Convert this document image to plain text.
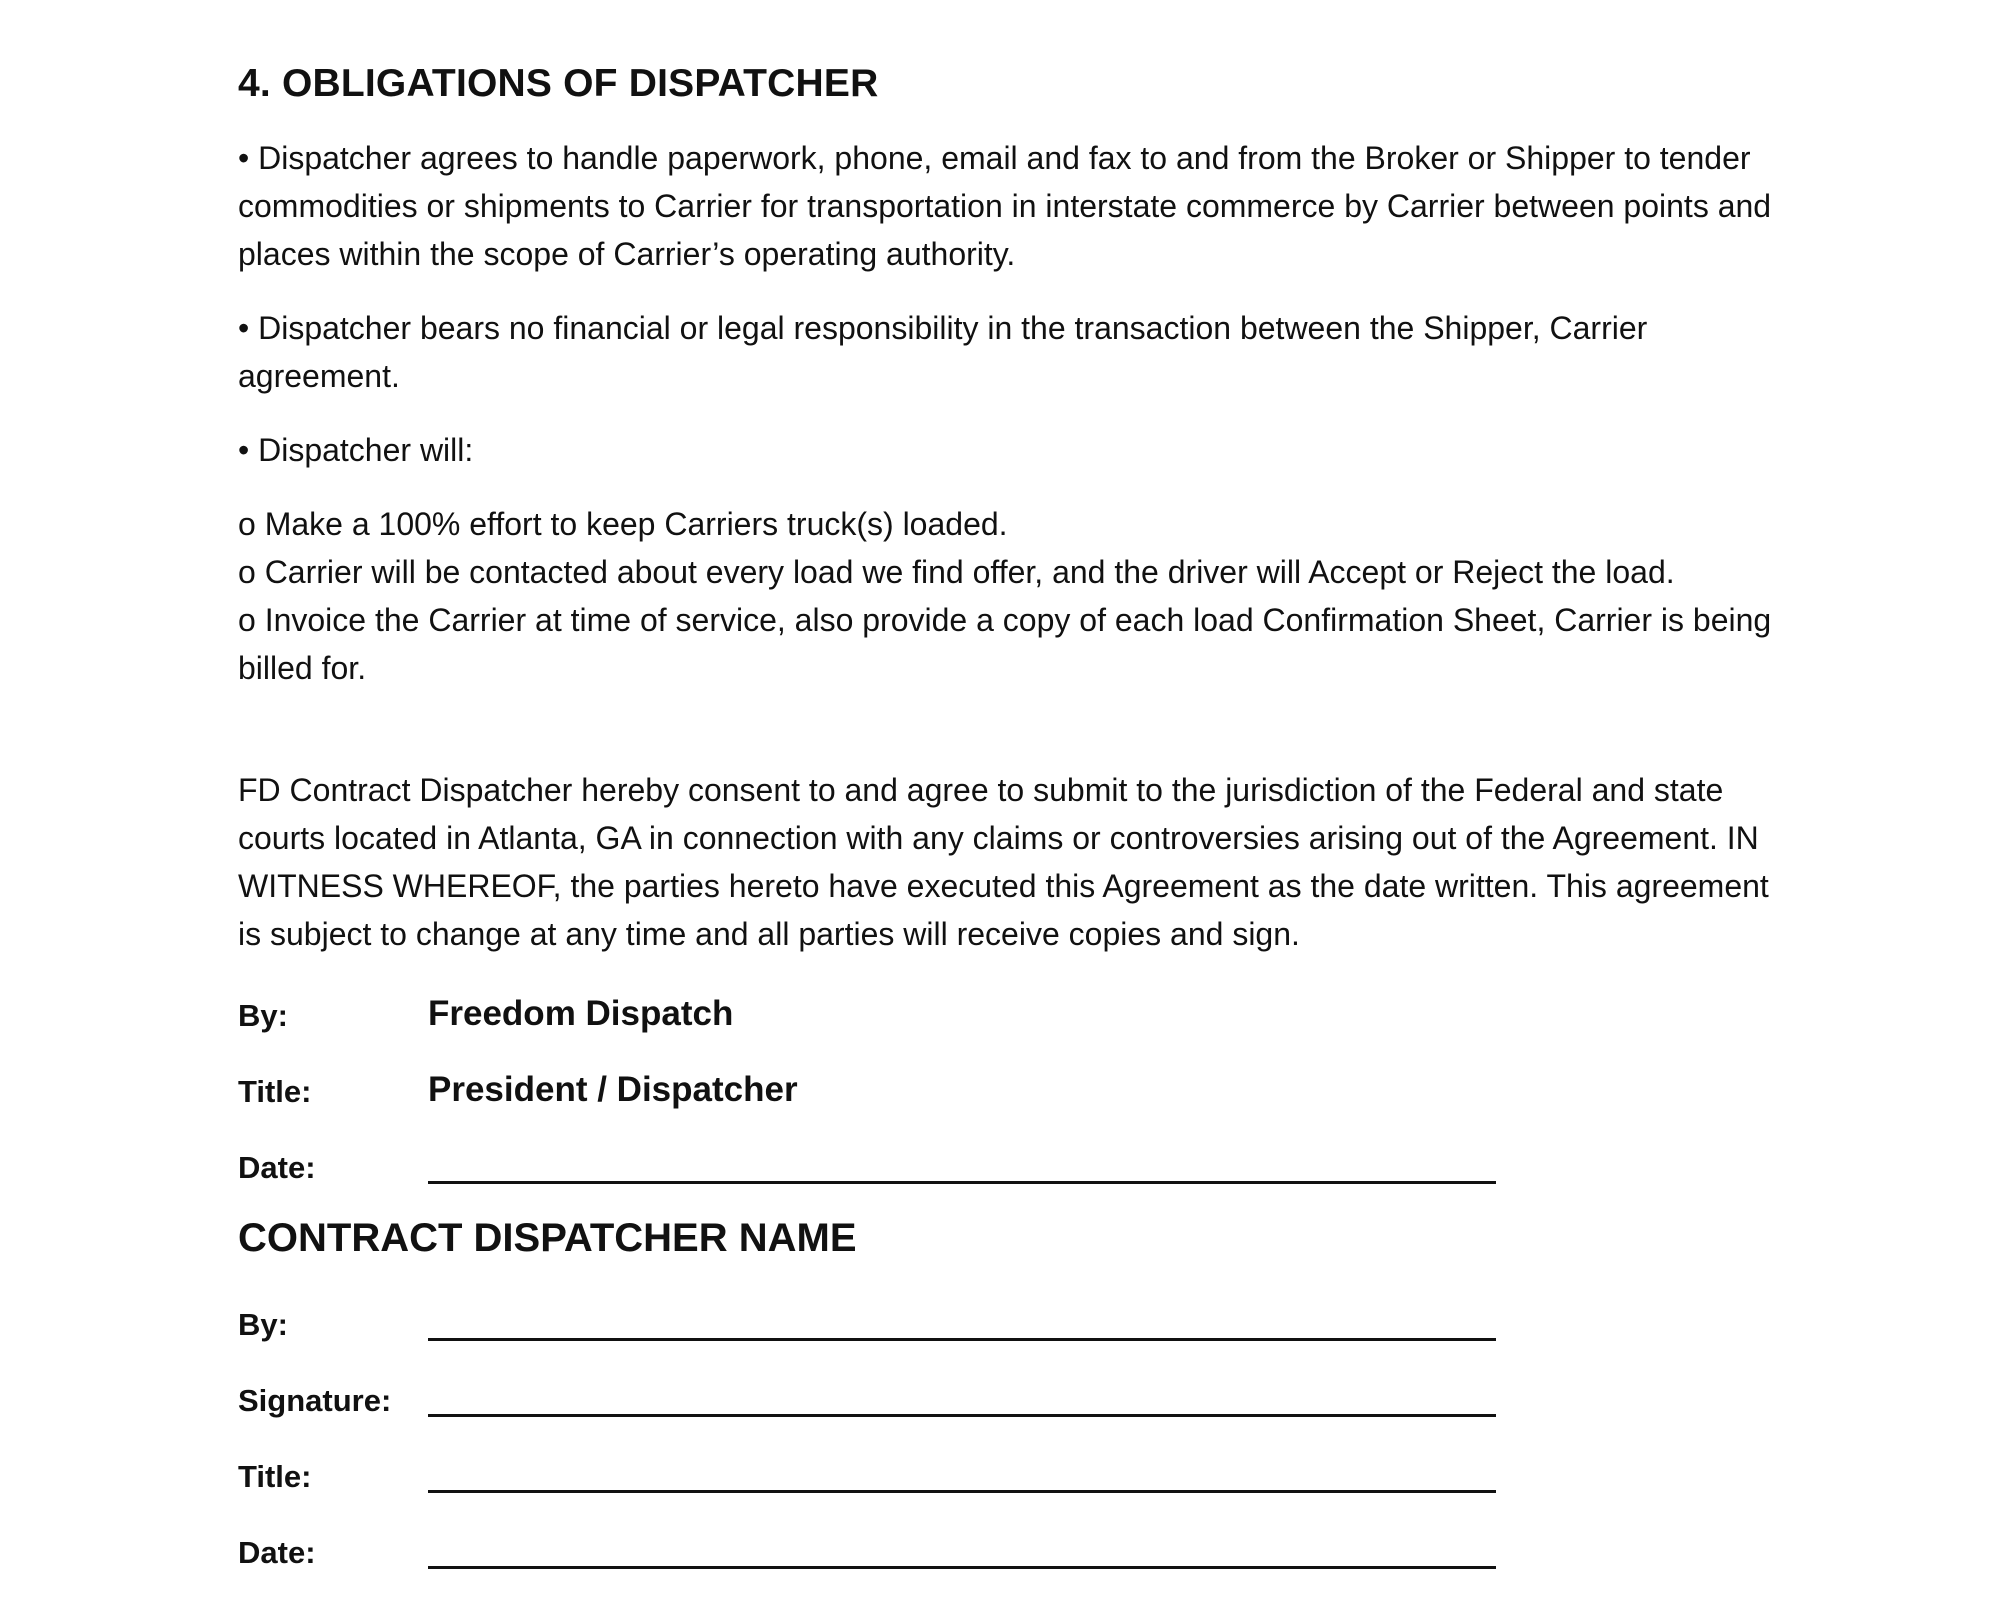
4. OBLIGATIONS OF DISPATCHER

• Dispatcher agrees to handle paperwork, phone, email and fax to and from the Broker or Shipper to tender commodities or shipments to Carrier for transportation in interstate commerce by Carrier between points and places within the scope of Carrier’s operating authority.

• Dispatcher bears no financial or legal responsibility in the transaction between the Shipper, Carrier agreement.

• Dispatcher will:

o Make a 100% effort to keep Carriers truck(s) loaded.

o Carrier will be contacted about every load we find offer, and the driver will Accept or Reject the load.

o Invoice the Carrier at time of service, also provide a copy of each load Confirmation Sheet, Carrier is being billed for.

FD Contract Dispatcher hereby consent to and agree to submit to the jurisdiction of the Federal and state courts located in Atlanta, GA in connection with any claims or controversies arising out of the Agreement. IN WITNESS WHEREOF, the parties hereto have executed this Agreement as the date written. This agreement is subject to change at any time and all parties will receive copies and sign.

By:	Freedom Dispatch
Title:	President / Dispatcher
Date:
CONTRACT DISPATCHER NAME
By:
Signature:
Title:
Date:
